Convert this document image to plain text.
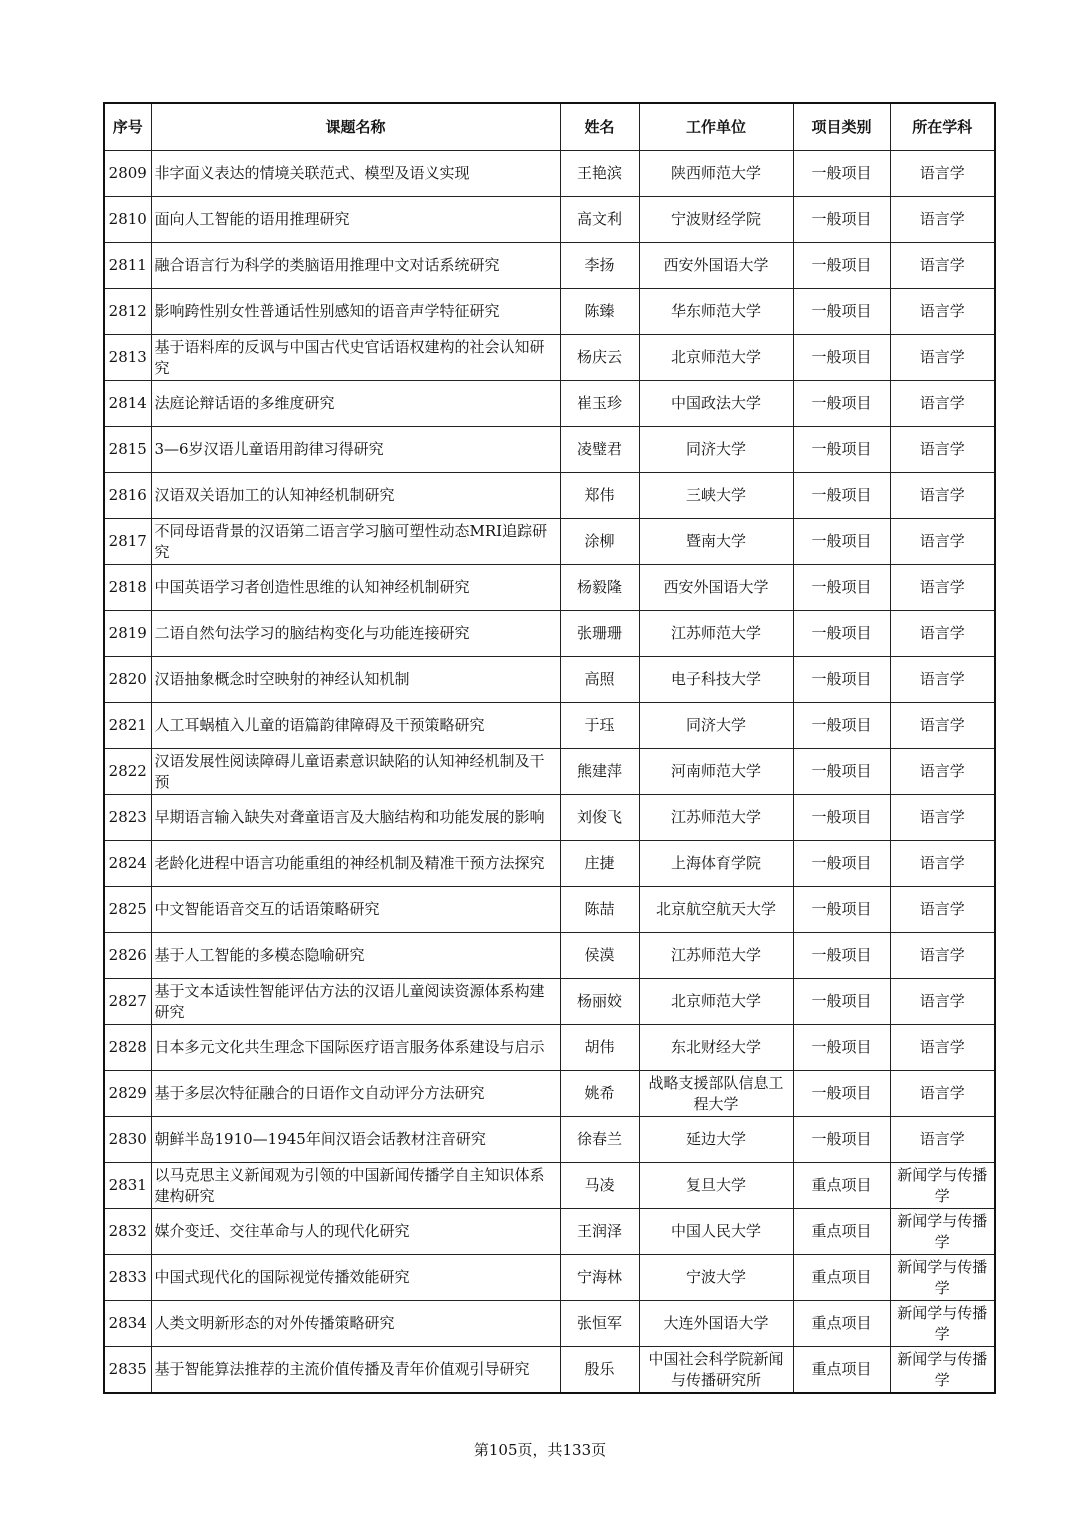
序号	课题名称	姓名	工作单位	项目类别	所在学科
2809	非字面义表达的情境关联范式、模型及语义实现	王艳滨	陕西师范大学	一般项目	语言学
2810	面向人工智能的语用推理研究	高文利	宁波财经学院	一般项目	语言学
2811	融合语言行为科学的类脑语用推理中文对话系统研究	李扬	西安外国语大学	一般项目	语言学
2812	影响跨性别女性普通话性别感知的语音声学特征研究	陈臻	华东师范大学	一般项目	语言学
2813	基于语料库的反讽与中国古代史官话语权建构的社会认知研究	杨庆云	北京师范大学	一般项目	语言学
2814	法庭论辩话语的多维度研究	崔玉珍	中国政法大学	一般项目	语言学
2815	3—6岁汉语儿童语用韵律习得研究	凌璧君	同济大学	一般项目	语言学
2816	汉语双关语加工的认知神经机制研究	郑伟	三峡大学	一般项目	语言学
2817	不同母语背景的汉语第二语言学习脑可塑性动态MRI追踪研究	涂柳	暨南大学	一般项目	语言学
2818	中国英语学习者创造性思维的认知神经机制研究	杨毅隆	西安外国语大学	一般项目	语言学
2819	二语自然句法学习的脑结构变化与功能连接研究	张珊珊	江苏师范大学	一般项目	语言学
2820	汉语抽象概念时空映射的神经认知机制	高照	电子科技大学	一般项目	语言学
2821	人工耳蜗植入儿童的语篇韵律障碍及干预策略研究	于珏	同济大学	一般项目	语言学
2822	汉语发展性阅读障碍儿童语素意识缺陷的认知神经机制及干预	熊建萍	河南师范大学	一般项目	语言学
2823	早期语言输入缺失对聋童语言及大脑结构和功能发展的影响	刘俊飞	江苏师范大学	一般项目	语言学
2824	老龄化进程中语言功能重组的神经机制及精准干预方法探究	庄捷	上海体育学院	一般项目	语言学
2825	中文智能语音交互的话语策略研究	陈喆	北京航空航天大学	一般项目	语言学
2826	基于人工智能的多模态隐喻研究	侯漠	江苏师范大学	一般项目	语言学
2827	基于文本适读性智能评估方法的汉语儿童阅读资源体系构建研究	杨丽姣	北京师范大学	一般项目	语言学
2828	日本多元文化共生理念下国际医疗语言服务体系建设与启示	胡伟	东北财经大学	一般项目	语言学
2829	基于多层次特征融合的日语作文自动评分方法研究	姚希	战略支援部队信息工程大学	一般项目	语言学
2830	朝鲜半岛1910—1945年间汉语会话教材注音研究	徐春兰	延边大学	一般项目	语言学
2831	以马克思主义新闻观为引领的中国新闻传播学自主知识体系建构研究	马凌	复旦大学	重点项目	新闻学与传播学
2832	媒介变迁、交往革命与人的现代化研究	王润泽	中国人民大学	重点项目	新闻学与传播学
2833	中国式现代化的国际视觉传播效能研究	宁海林	宁波大学	重点项目	新闻学与传播学
2834	人类文明新形态的对外传播策略研究	张恒军	大连外国语大学	重点项目	新闻学与传播学
2835	基于智能算法推荐的主流价值传播及青年价值观引导研究	殷乐	中国社会科学院新闻与传播研究所	重点项目	新闻学与传播学
第105页，共133页
